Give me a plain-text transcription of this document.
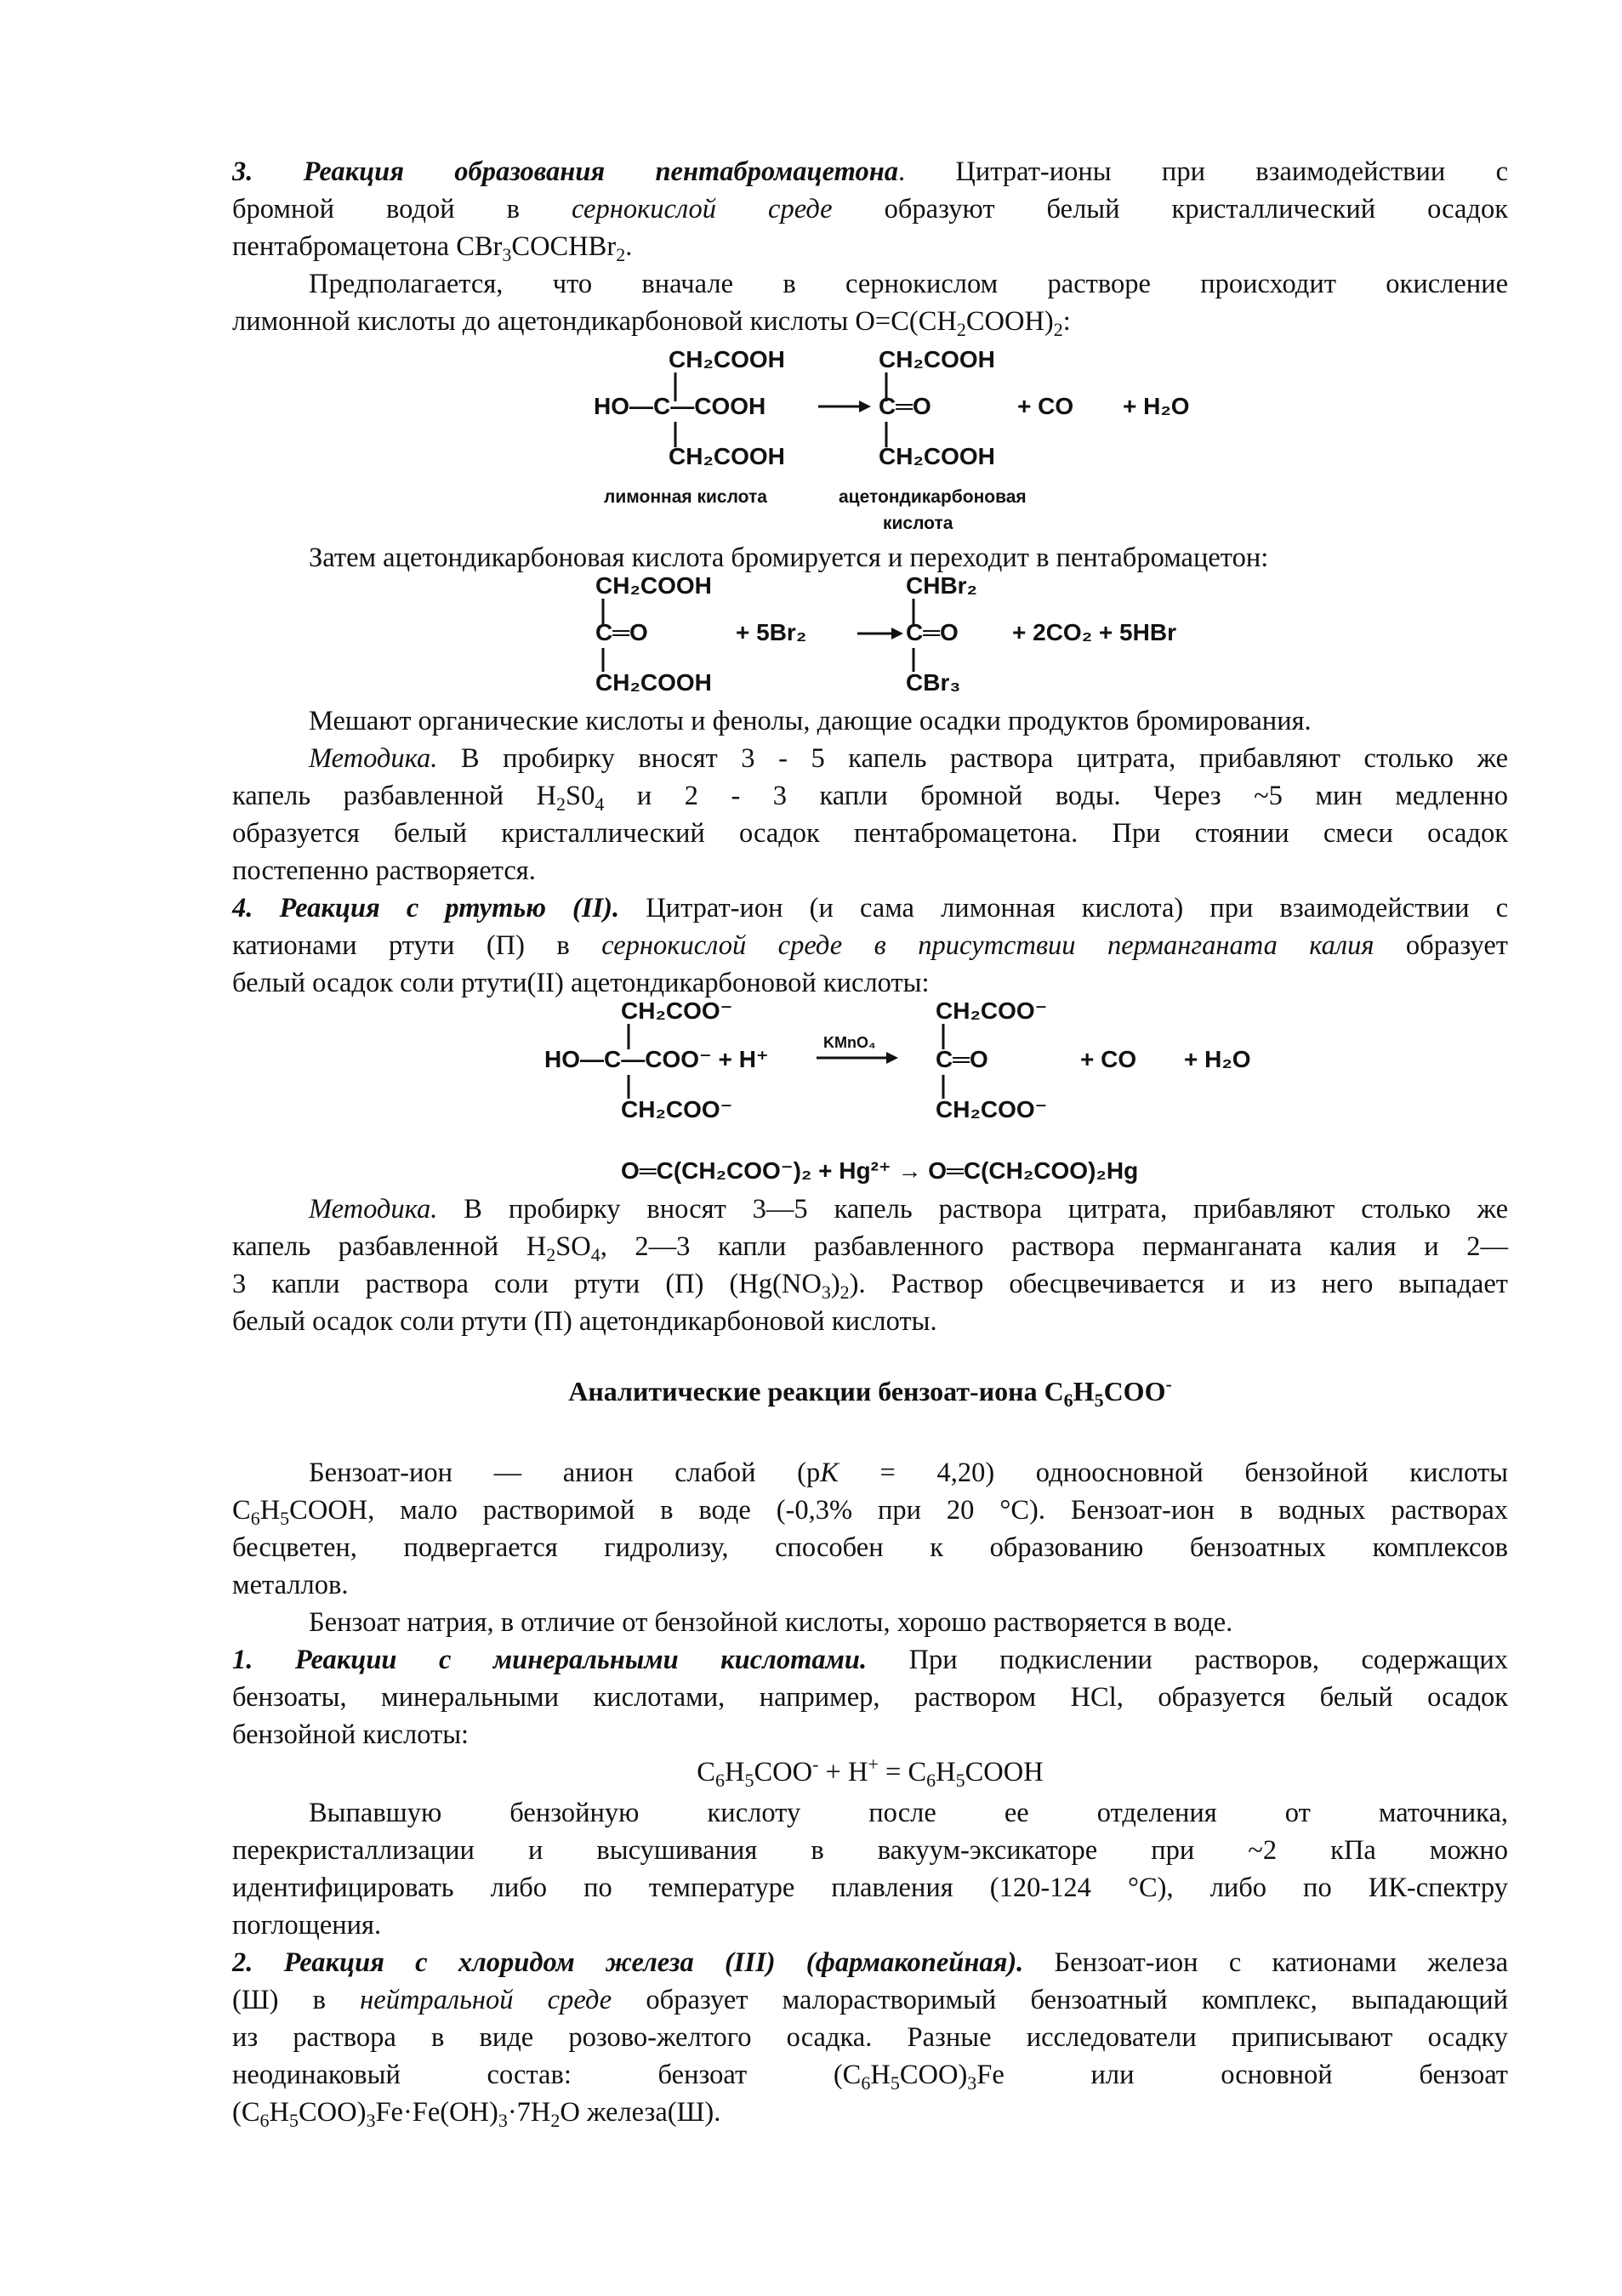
3. Реакция образования пентабромацетона. Цитрат-ионы при взаимодействии с
бромной водой в сернокислой среде образуют белый кристаллический осадок
пентабромацетона CBr$_3$COCHBr$_2$.
Предполагается, что вначале в сернокислом растворе происходит окисление
лимонной кислоты до ацетондикарбоновой кислоты $O=C(CH_2COOH)_2$:
CH₂COOH
HO—C—COOH
CH₂COOH
CH₂COOH
C═O
CH₂COOH
+ CO + H₂O
лимонная кислота	ацетондикарбоновая
кислота
Затем ацетондикарбоновая кислота бромируется и переходит в пентабромацетон:
CH₂COOH
C═O
CH₂COOH
+ 5Br₂
CHBr₂
C═O
CBr₃
+ 2CO₂ + 5HBr
Мешают органические кислоты и фенолы, дающие осадки продуктов бромирования.
Методика. В пробирку вносят 3 - 5 капель раствора цитрата, прибавляют столько же
капель разбавленной $H_2S0_4$ и 2 - 3 капли бромной воды. Через ~5 мин медленно
образуется белый кристаллический осадок пентабромацетона. При стоянии смеси осадок
постепенно растворяется.
4. Реакция с ртутью (II). Цитрат-ион (и сама лимонная кислота) при взаимодействии с
катионами ртути (П) в сернокислой среде в присутствии перманганата калия образует
белый осадок соли ртути(II) ацетондикарбоновой кислоты:
CH₂COO⁻
HO—C—COO⁻ + H⁺
CH₂COO⁻
KMnO₄
CH₂COO⁻
C═O
CH₂COO⁻
+ CO + H₂O
O═C(CH₂COO⁻)₂ + Hg²⁺ → O═C(CH₂COO)₂Hg
Методика. В пробирку вносят 3—5 капель раствора цитрата, прибавляют столько же
капель разбавленной $H_2SO_4$, 2—3 капли разбавленного раствора перманганата калия и 2—
3 капли раствора соли ртути (П) $(Hg(NO_3)_2)$. Раствор обесцвечивается и из него выпадает
белый осадок соли ртути (П) ацетондикарбоновой кислоты.
Аналитические реакции бензоат-иона $C_6H_5COO^-$
Бензоат-ион — анион слабой (pK = 4,20) одноосновной бензойной кислоты
$C_6H_5COOH$, мало растворимой в воде (-0,3% при 20 °C). Бензоат-ион в водных растворах
бесцветен, подвергается гидролизу, способен к образованию бензоатных комплексов
металлов.
Бензоат натрия, в отличие от бензойной кислоты, хорошо растворяется в воде.
1. Реакции с минеральными кислотами. При подкислении растворов, содержащих
бензоаты, минеральными кислотами, например, раствором HCl, образуется белый осадок
бензойной кислоты:
$C_6H_5COO^- + H^+$ = $C_6H_5COOH$
Выпавшую бензойную кислоту после ее отделения от маточника,
перекристаллизации и высушивания в вакуум-эксикаторе при ~2 кПа можно
идентифицировать либо по температуре плавления (120-124 °C), либо по ИК-спектру
поглощения.
2. Реакция с хлоридом железа (III) (фармакопейная). Бензоат-ион с катионами железа
(Ш) в нейтральной среде образует малорастворимый бензоатный комплекс, выпадающий
из раствора в виде розово-желтого осадка. Разные исследователи приписывают осадку
неодинаковый состав: бензоат $(C_6H_5COO)_3Fe$ или основной бензоат
$(C_6H_5COO)_3Fe\cdot Fe(OH)_3\cdot 7H_2O$ железа(Ш).
